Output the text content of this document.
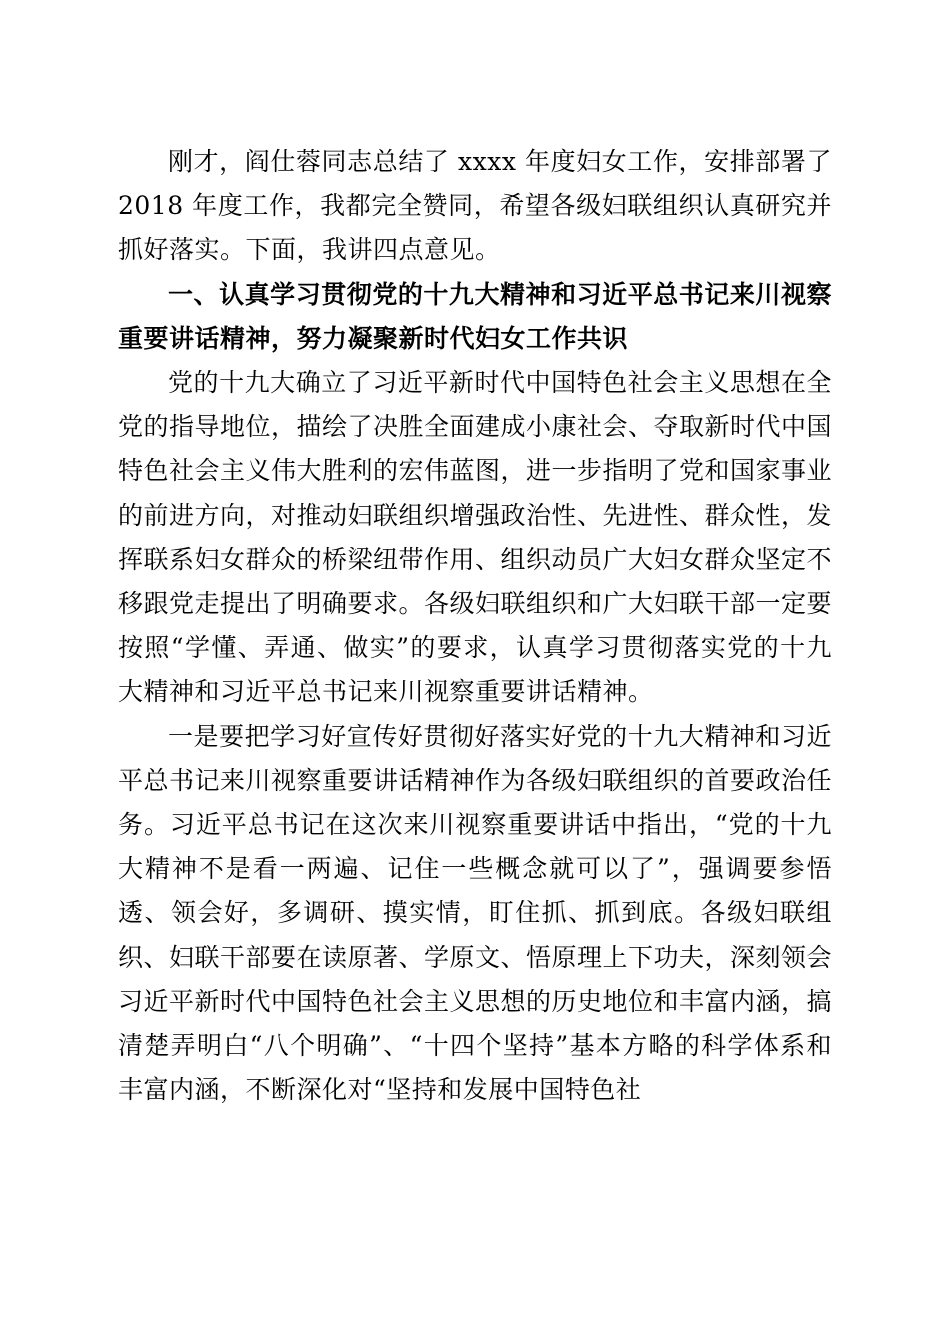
刚才，阎仕蓉同志总结了 xxxx 年度妇女工作，安排部署了 2018 年度工作，我都完全赞同，希望各级妇联组织认真研究并抓好落实。下面，我讲四点意见。

一、认真学习贯彻党的十九大精神和习近平总书记来川视察重要讲话精神，努力凝聚新时代妇女工作共识

党的十九大确立了习近平新时代中国特色社会主义思想在全党的指导地位，描绘了决胜全面建成小康社会、夺取新时代中国特色社会主义伟大胜利的宏伟蓝图，进一步指明了党和国家事业的前进方向，对推动妇联组织增强政治性、先进性、群众性，发挥联系妇女群众的桥梁纽带作用、组织动员广大妇女群众坚定不移跟党走提出了明确要求。各级妇联组织和广大妇联干部一定要按照“学懂、弄通、做实”的要求，认真学习贯彻落实党的十九大精神和习近平总书记来川视察重要讲话精神。

一是要把学习好宣传好贯彻好落实好党的十九大精神和习近平总书记来川视察重要讲话精神作为各级妇联组织的首要政治任务。习近平总书记在这次来川视察重要讲话中指出，“党的十九大精神不是看一两遍、记住一些概念就可以了”，强调要参悟透、领会好，多调研、摸实情，盯住抓、抓到底。各级妇联组织、妇联干部要在读原著、学原文、悟原理上下功夫，深刻领会习近平新时代中国特色社会主义思想的历史地位和丰富内涵，搞清楚弄明白“八个明确”、“十四个坚持”基本方略的科学体系和丰富内涵，不断深化对“坚持和发展中国特色社
